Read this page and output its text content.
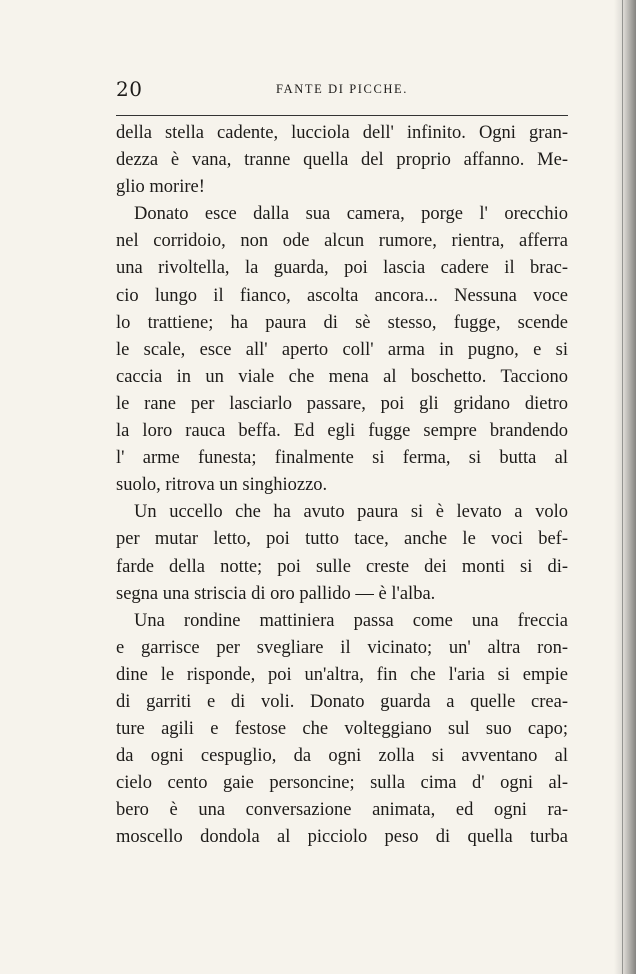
20	FANTE DI PICCHE.
della stella cadente, lucciola dell' infinito. Ogni gran-
dezza è vana, tranne quella del proprio affanno. Me-
glio morire!
Donato esce dalla sua camera, porge l' orecchio
nel corridoio, non ode alcun rumore, rientra, afferra
una rivoltella, la guarda, poi lascia cadere il brac-
cio lungo il fianco, ascolta ancora... Nessuna voce
lo trattiene; ha paura di sè stesso, fugge, scende
le scale, esce all' aperto coll' arma in pugno, e si
caccia in un viale che mena al boschetto. Tacciono
le rane per lasciarlo passare, poi gli gridano dietro
la loro rauca beffa. Ed egli fugge sempre brandendo
l' arme funesta; finalmente si ferma, si butta al
suolo, ritrova un singhiozzo.
Un uccello che ha avuto paura si è levato a volo
per mutar letto, poi tutto tace, anche le voci bef-
farde della notte; poi sulle creste dei monti si di-
segna una striscia di oro pallido — è l'alba.
Una rondine mattiniera passa come una freccia
e garrisce per svegliare il vicinato; un' altra ron-
dine le risponde, poi un'altra, fin che l'aria si empie
di garriti e di voli. Donato guarda a quelle crea-
ture agili e festose che volteggiano sul suo capo;
da ogni cespuglio, da ogni zolla si avventano al
cielo cento gaie personcine; sulla cima d' ogni al-
bero è una conversazione animata, ed ogni ra-
moscello dondola al picciolo peso di quella turba
